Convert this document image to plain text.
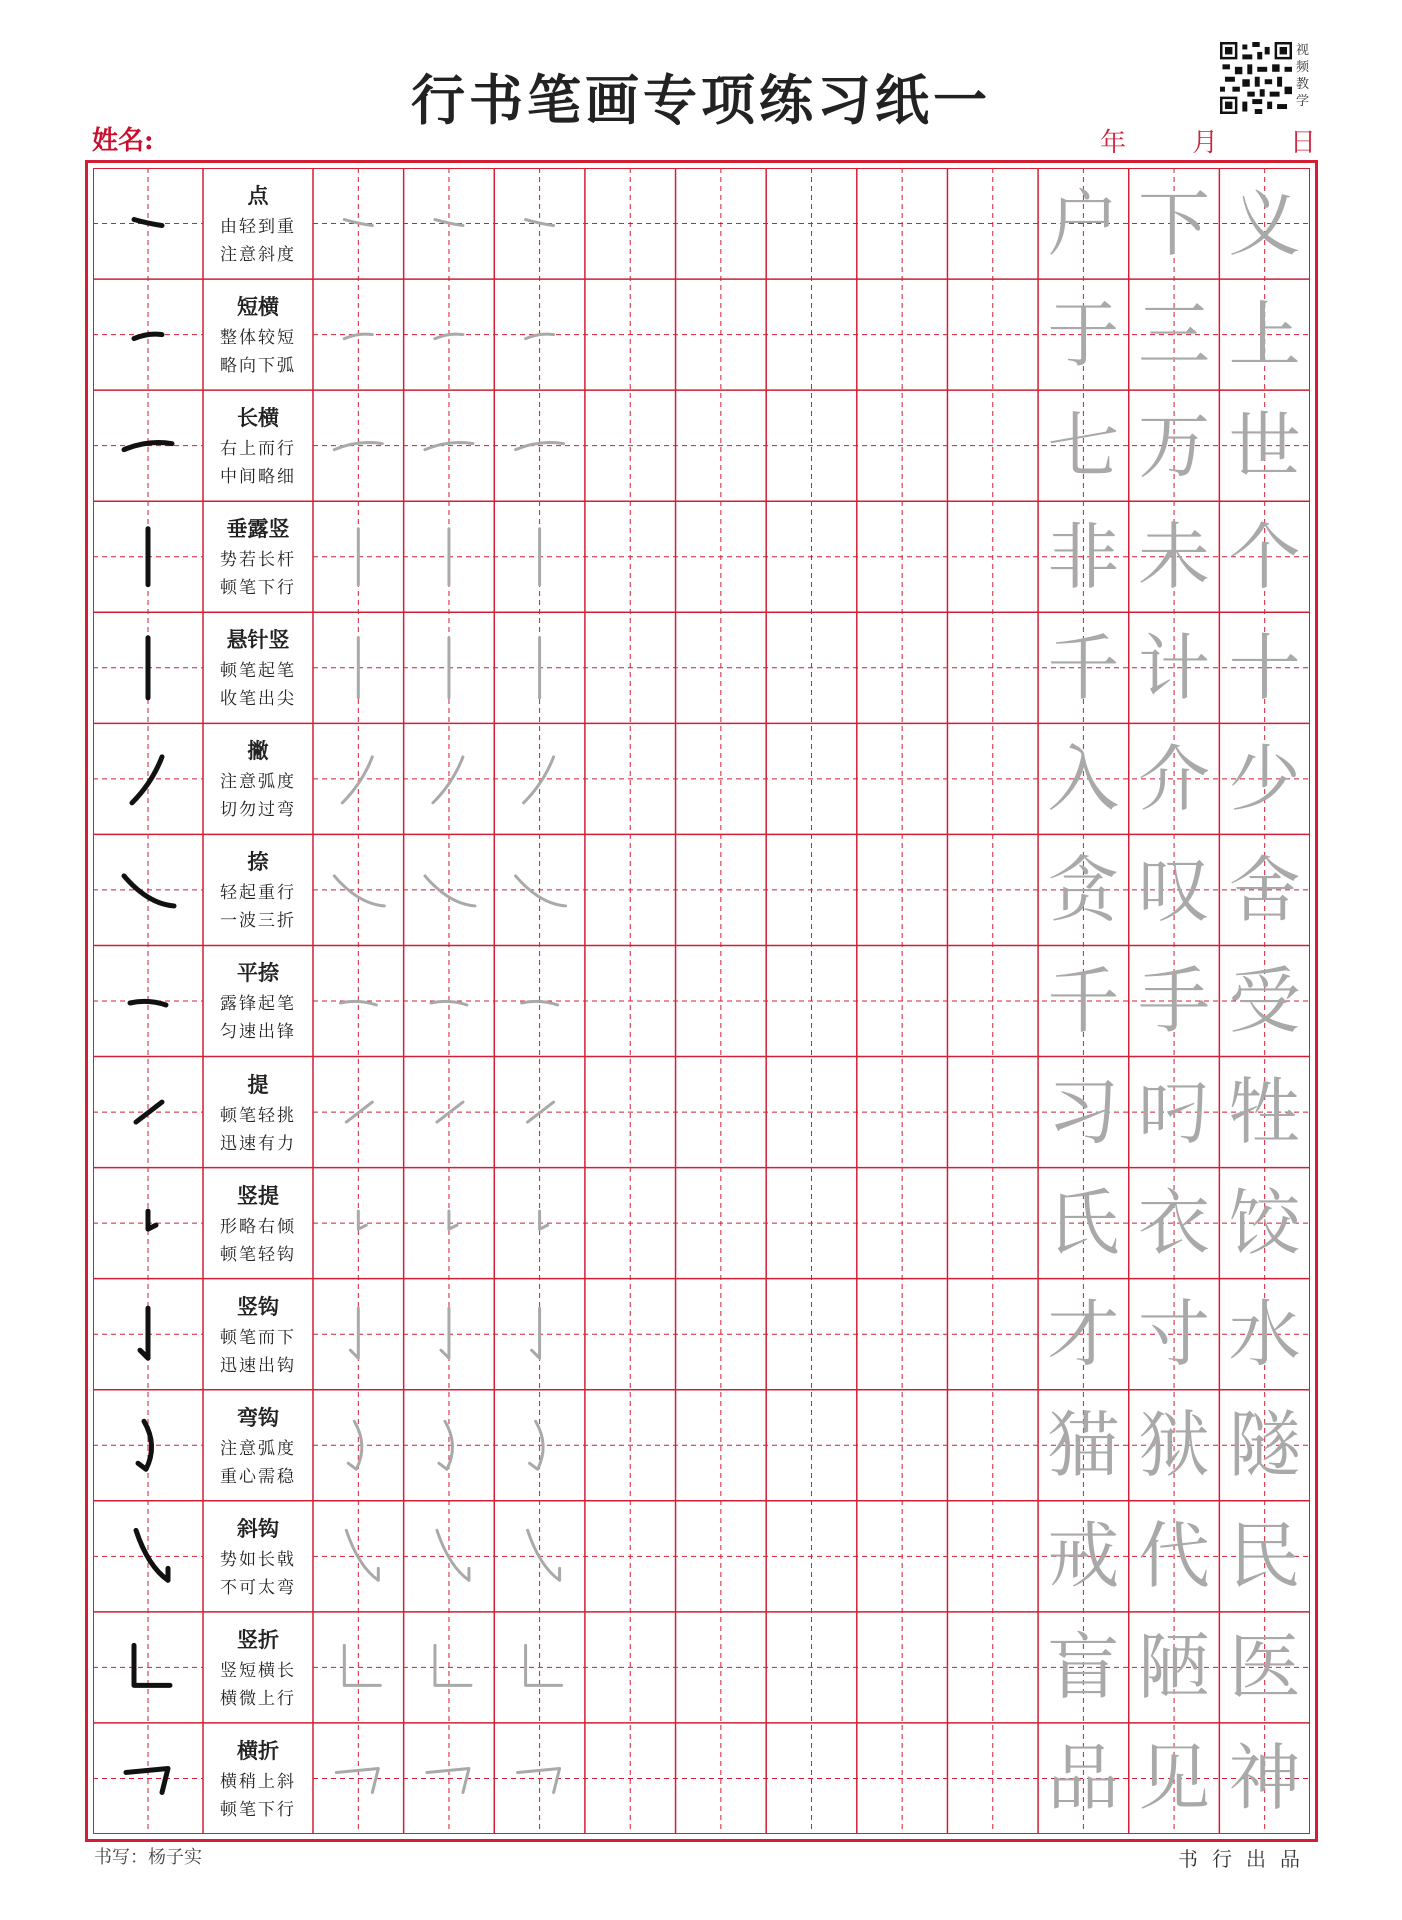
行书笔画专项练习纸一
视频教学
姓名:	年	月	日
点
由轻到重
注意斜度	户 下 义
短横
整体较短
略向下弧	于 三 上
长横
右上而行
中间略细	七 万 世
垂露竖
势若长杆
顿笔下行	非 未 个
悬针竖
顿笔起笔
收笔出尖	千 计 十
撇
注意弧度
切勿过弯	入 介 少
捺
轻起重行
一波三折	贪 叹 舍
平捺
露锋起笔
匀速出锋	千 手 受
提
顿笔轻挑
迅速有力	习 叼 牲
竖提
形略右倾
顿笔轻钩	氏 衣 饺
竖钩
顿笔而下
迅速出钩	才 寸 水
弯钩
注意弧度
重心需稳	猫 狱 隧
斜钩
势如长戟
不可太弯	戒 代 民
竖折
竖短横长
横微上行	盲 陋 医
横折
横稍上斜
顿笔下行	品 见 神
书写：杨子实	书行出品
